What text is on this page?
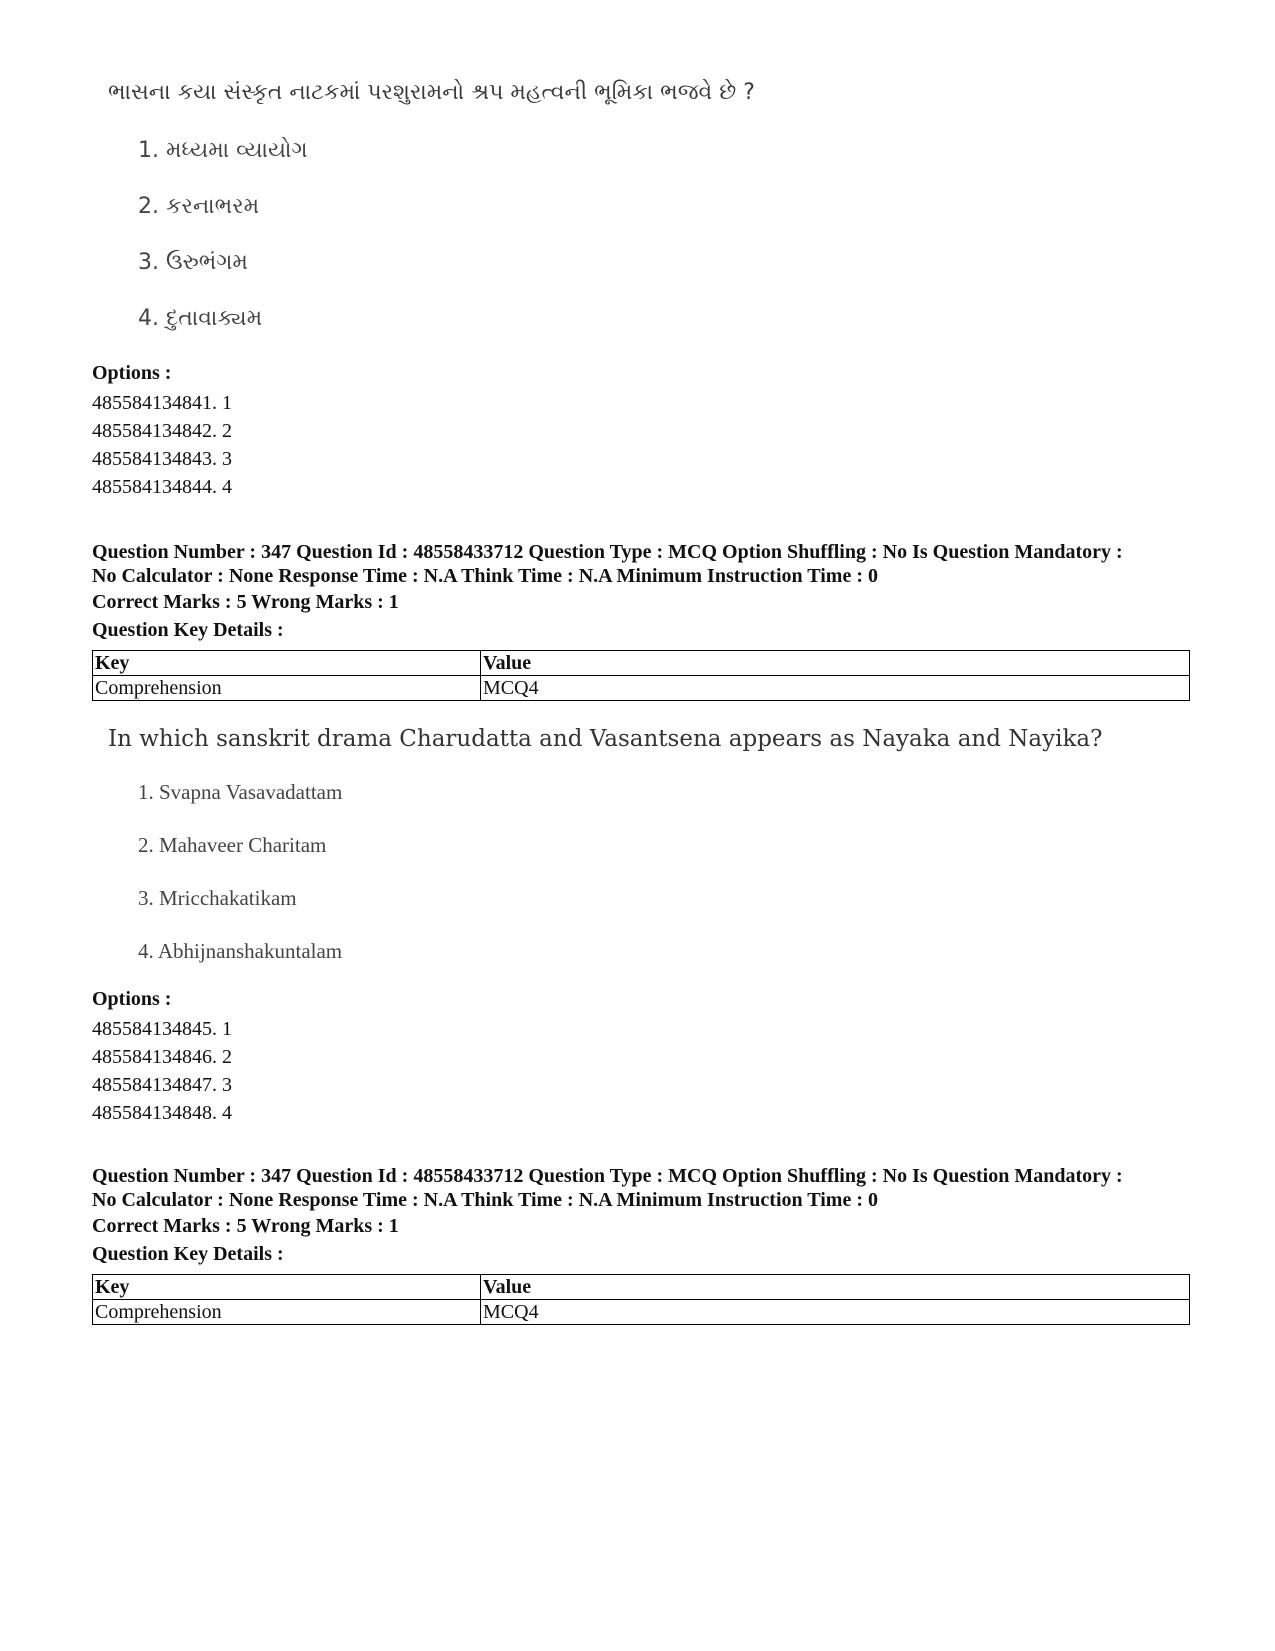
ભાસના કયા સંસ્કૃત નાટકમાં પરશુરામનો શ્રપ મહત્વની ભૂમિકા ભજવે છે ?
1. મધ્યમા વ્યાયોગ
2. કરનાભરમ
3. ઉરુભંગમ
4. દુતાવાક્યમ
Options :
485584134841. 1
485584134842. 2
485584134843. 3
485584134844. 4
Question Number : 347 Question Id : 48558433712 Question Type : MCQ Option Shuffling : No Is Question Mandatory :
No Calculator : None Response Time : N.A Think Time : N.A Minimum Instruction Time : 0
Correct Marks : 5 Wrong Marks : 1
Question Key Details :
Key	Value
Comprehension	MCQ4
In which sanskrit drama Charudatta and Vasantsena appears as Nayaka and Nayika?
1. Svapna Vasavadattam
2. Mahaveer Charitam
3. Mricchakatikam
4. Abhijnanshakuntalam
Options :
485584134845. 1
485584134846. 2
485584134847. 3
485584134848. 4
Question Number : 347 Question Id : 48558433712 Question Type : MCQ Option Shuffling : No Is Question Mandatory :
No Calculator : None Response Time : N.A Think Time : N.A Minimum Instruction Time : 0
Correct Marks : 5 Wrong Marks : 1
Question Key Details :
Key	Value
Comprehension	MCQ4
